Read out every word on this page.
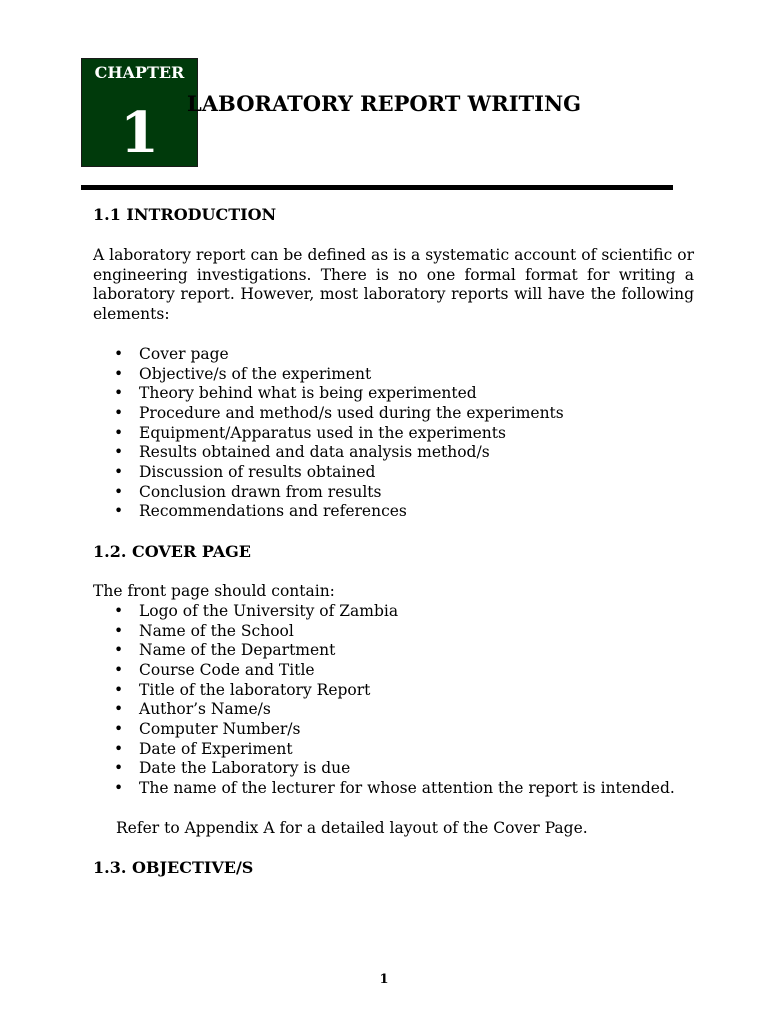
CHAPTER
1	LABORATORY REPORT WRITING
1.1 INTRODUCTION

A laboratory report can be defined as is a systematic account of scientific or engineering investigations. There is no one formal format for writing a laboratory report. However, most laboratory reports will have the following elements:

• Cover page
• Objective/s of the experiment
• Theory behind what is being experimented
• Procedure and method/s used during the experiments
• Equipment/Apparatus used in the experiments
• Results obtained and data analysis method/s
• Discussion of results obtained
• Conclusion drawn from results
• Recommendations and references
1.2. COVER PAGE

The front page should contain:

• Logo of the University of Zambia
• Name of the School
• Name of the Department
• Course Code and Title
• Title of the laboratory Report
• Author’s Name/s
• Computer Number/s
• Date of Experiment
• Date the Laboratory is due
• The name of the lecturer for whose attention the report is intended.

Refer to Appendix A for a detailed layout of the Cover Page.

1.3. OBJECTIVE/S
1
